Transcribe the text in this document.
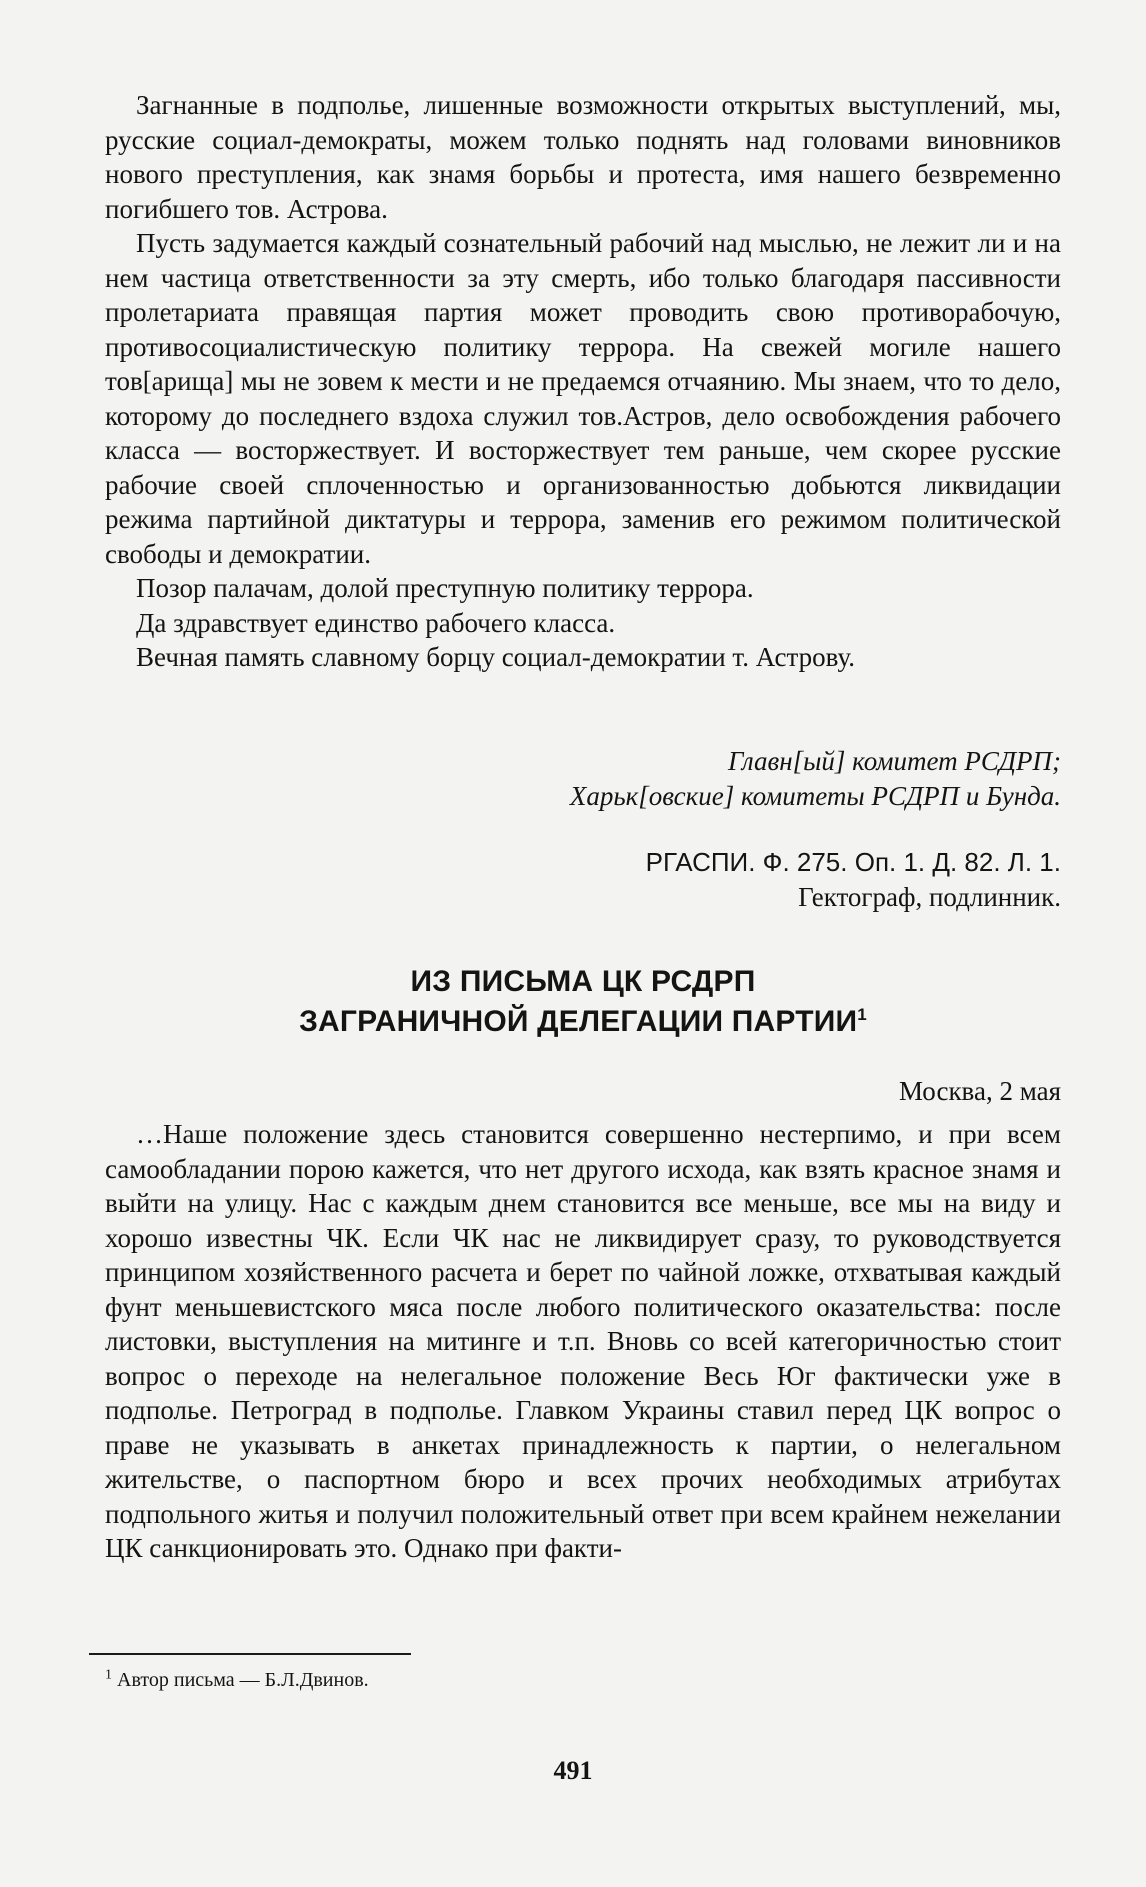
Загнанные в подполье, лишенные возможности открытых выступлений, мы, русские социал-демократы, можем только поднять над головами виновников нового преступления, как знамя борьбы и протеста, имя нашего безвременно погибшего тов. Астрова.

Пусть задумается каждый сознательный рабочий над мыслью, не лежит ли и на нем частица ответственности за эту смерть, ибо только благодаря пассивности пролетариата правящая партия может проводить свою противорабочую, противосоциалистическую политику террора. На свежей могиле нашего тов[арища] мы не зовем к мести и не предаемся отчаянию. Мы знаем, что то дело, которому до последнего вздоха служил тов.Астров, дело освобождения рабочего класса — восторжествует. И восторжествует тем раньше, чем скорее русские рабочие своей сплоченностью и организованностью добьются ликвидации режима партийной диктатуры и террора, заменив его режимом политической свободы и демократии.

Позор палачам, долой преступную политику террора.

Да здравствует единство рабочего класса.

Вечная память славному борцу социал-демократии т. Астрову.

Главн[ый] комитет РСДРП;

Харьк[овские] комитеты РСДРП и Бунда.

РГАСПИ. Ф. 275. Оп. 1. Д. 82. Л. 1.

Гектограф, подлинник.

ИЗ ПИСЬМА ЦК РСДРП

ЗАГРАНИЧНОЙ ДЕЛЕГАЦИИ ПАРТИИ$^1$

Москва, 2 мая

…Наше положение здесь становится совершенно нестерпимо, и при всем самообладании порою кажется, что нет другого исхода, как взять красное знамя и выйти на улицу. Нас с каждым днем становится все меньше, все мы на виду и хорошо известны ЧК. Если ЧК нас не ликвидирует сразу, то руководствуется принципом хозяйственного расчета и берет по чайной ложке, отхватывая каждый фунт меньшевистского мяса после любого политического оказательства: после листовки, выступления на митинге и т.п. Вновь со всей категоричностью стоит вопрос о переходе на нелегальное положение Весь Юг фактически уже в подполье. Петроград в подполье. Главком Украины ставил перед ЦК вопрос о праве не указывать в анкетах принадлежность к партии, о нелегальном жительстве, о паспортном бюро и всех прочих необходимых атрибутах подпольного житья и получил положительный ответ при всем крайнем нежелании ЦК санкционировать это. Однако при факти-

$^1$ Автор письма — Б.Л.Двинов.
491
